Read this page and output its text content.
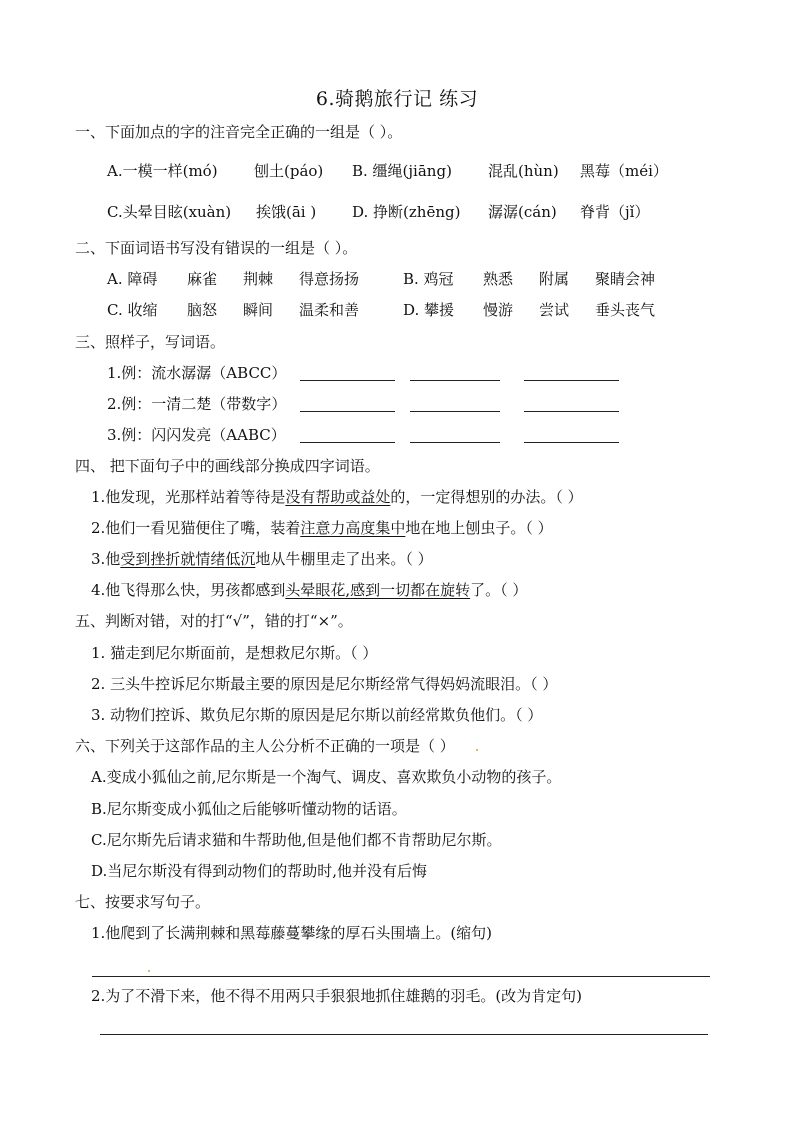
6.骑鹅旅行记 练习
一、下面加点的字的注音完全正确的一组是（ ）。
A.一模一样(mó) 刨土(páo) B. 缰绳(jiāng) 混乱(hùn) 黑莓（méi）
C.头晕目眩(xuàn) 挨饿(āi ) D. 挣断(zhēng) 潺潺(cán) 脊背（jǐ）
二、下面词语书写没有错误的一组是（ ）。
A. 障碍 麻雀 荆棘 得意扬扬	B. 鸡冠 熟悉 附属 聚睛会神
C. 收缩 脑怒 瞬间 温柔和善	D. 攀援 慢游 尝试 垂头丧气
三、照样子，写词语。
1.例：流水潺潺（ABCC）
2.例：一清二楚（带数字）
3.例：闪闪发亮（AABC）
四、 把下面句子中的画线部分换成四字词语。
1.他发现，光那样站着等待是没有帮助或益处的，一定得想别的办法。（ ）
2.他们一看见猫便住了嘴，装着注意力高度集中地在地上刨虫子。（ ）
3.他受到挫折就情绪低沉地从牛棚里走了出来。（ ）
4.他飞得那么快，男孩都感到头晕眼花,感到一切都在旋转了。（ ）
五、判断对错，对的打“√”，错的打“×”。
1. 猫走到尼尔斯面前，是想救尼尔斯。（ ）
2. 三头牛控诉尼尔斯最主要的原因是尼尔斯经常气得妈妈流眼泪。（ ）
3. 动物们控诉、欺负尼尔斯的原因是尼尔斯以前经常欺负他们。（ ）
六、下列关于这部作品的主人公分析不正确的一项是（ ）
A.变成小狐仙之前,尼尔斯是一个淘气、调皮、喜欢欺负小动物的孩子。
B.尼尔斯变成小狐仙之后能够听懂动物的话语。
C.尼尔斯先后请求猫和牛帮助他,但是他们都不肯帮助尼尔斯。
D.当尼尔斯没有得到动物们的帮助时,他并没有后悔
七、按要求写句子。
1.他爬到了长满荆棘和黑莓藤蔓攀缘的厚石头围墙上。(缩句)
2.为了不滑下来，他不得不用两只手狠狠地抓住雄鹅的羽毛。(改为肯定句)
